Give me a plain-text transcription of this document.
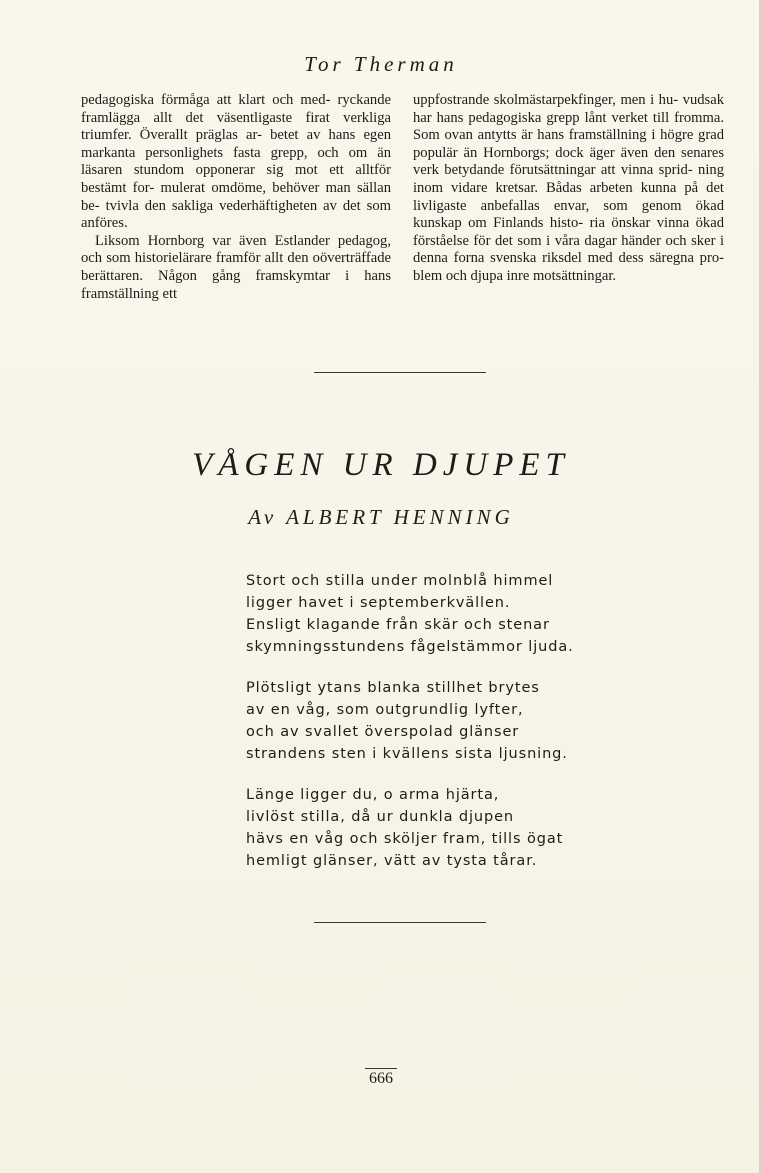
Tor Therman

pedagogiska förmåga att klart och med- ryckande framlägga allt det väsentligaste firat verkliga triumfer. Överallt präglas ar- betet av hans egen markanta personlighets fasta grepp, och om än läsaren stundom opponerar sig mot ett alltför bestämt for- mulerat omdöme, behöver man sällan be- tvivla den sakliga vederhäftigheten av det som anföres.

Liksom Hornborg var även Estlander pedagog, och som historielärare framför allt den oöverträffade berättaren. Någon gång framskymtar i hans framställning ett

uppfostrande skolmästarpekfinger, men i hu- vudsak har hans pedagogiska grepp lånt verket till fromma. Som ovan antytts är hans framställning i högre grad populär än Hornborgs; dock äger även den senares verk betydande förutsättningar att vinna sprid- ning inom vidare kretsar. Bådas arbeten kunna på det livligaste anbefallas envar, som genom ökad kunskap om Finlands histo- ria önskar vinna ökad förståelse för det som i våra dagar händer och sker i denna forna svenska riksdel med dess säregna pro- blem och djupa inre motsättningar.

VÅGEN UR DJUPET
Av ALBERT HENNING
Stort och stilla under molnblå himmel
ligger havet i septemberkvällen.
Ensligt klagande från skär och stenar
skymningsstundens fågelstämmor ljuda.
Plötsligt ytans blanka stillhet brytes
av en våg, som outgrundlig lyfter,
och av svallet överspolad glänser
strandens sten i kvällens sista ljusning.
Länge ligger du, o arma hjärta,
livlöst stilla, då ur dunkla djupen
hävs en våg och sköljer fram, tills ögat
hemligt glänser, vätt av tysta tårar.
666
